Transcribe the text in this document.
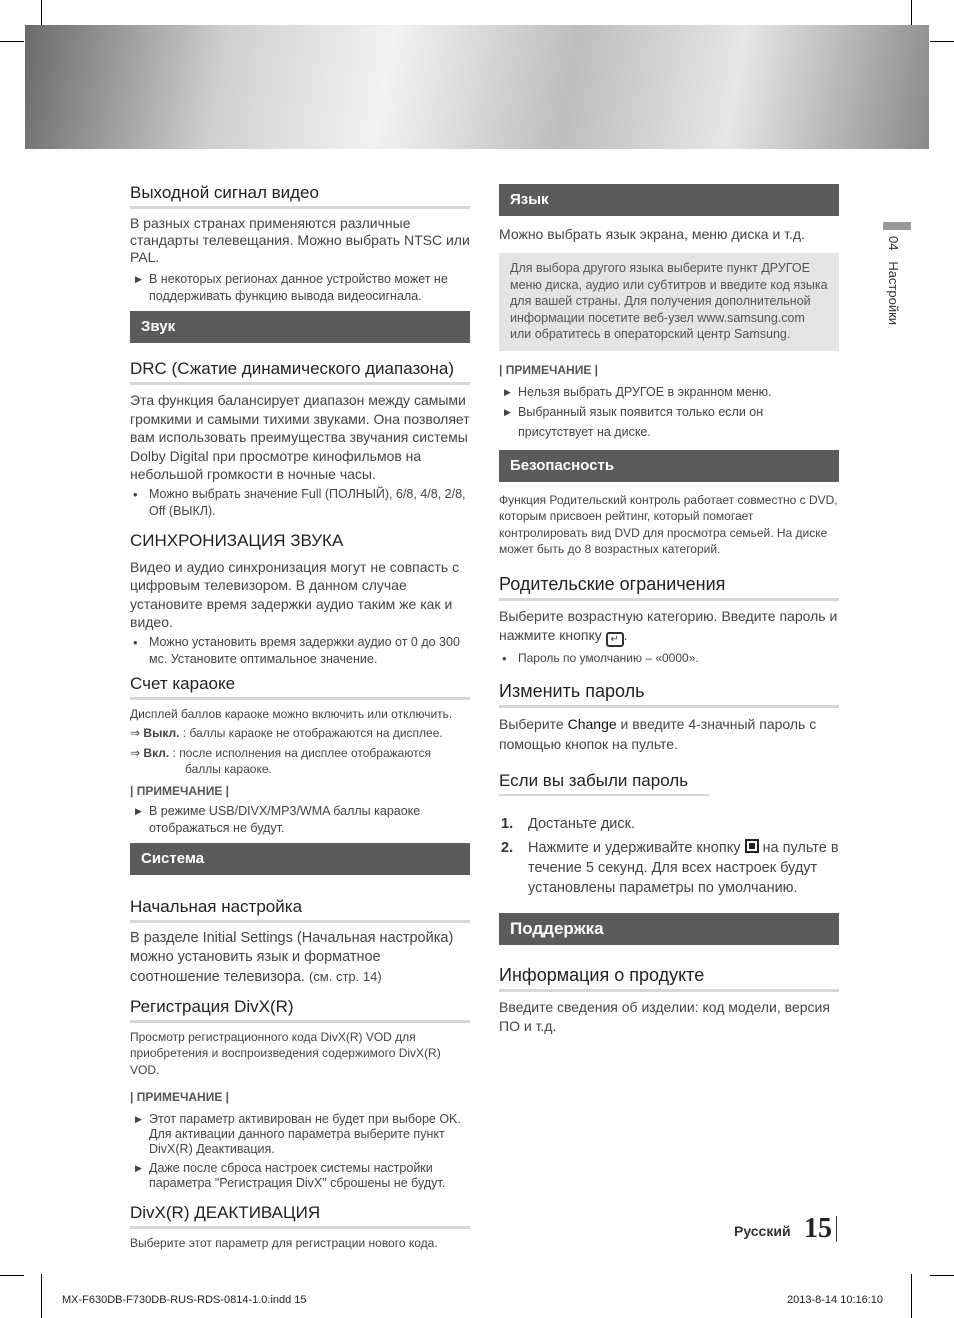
04   Настройки
Выходной сигнал видео
В разных странах применяются различные стандарты телевещания. Можно выбрать NTSC или PAL.
▶ В некоторых регионах данное устройство может не поддерживать функцию вывода видеосигнала.
Звук
DRC (Сжатие динамического диапазона)
Эта функция балансирует диапазон между самыми громкими и самыми тихими звуками. Она позволяет вам использовать преимущества звучания системы Dolby Digital при просмотре кинофильмов на небольшой громкости в ночные часы.
• Можно выбрать значение Full (ПОЛНЫЙ), 6/8, 4/8, 2/8, Off (ВЫКЛ).
СИНХРОНИЗАЦИЯ ЗВУКА
Видео и аудио синхронизация могут не совпасть с цифровым телевизором. В данном случае установите время задержки аудио таким же как и видео.
• Можно установить время задержки аудио от 0 до 300 мс. Установите оптимальное значение.
Счет караоке
Дисплей баллов караоке можно включить или отключить.
⇒ Выкл. : баллы караоке не отображаются на дисплее.
⇒ Вкл. : после исполнения на дисплее отображаются баллы караоке.
| ПРИМЕЧАНИЕ |
▶ В режиме USB/DIVX/MP3/WMA баллы караоке отображаться не будут.
Система
Начальная настройка
В разделе Initial Settings (Начальная настройка) можно установить язык и форматное соотношение телевизора. (см. стр. 14)
Регистрация DivX(R)
Просмотр регистрационного кода DivX(R) VOD для приобретения и воспроизведения содержимого DivX(R) VOD.
| ПРИМЕЧАНИЕ |
▶ Этот параметр активирован не будет при выборе OK. Для активации данного параметра выберите пункт DivX(R) Деактивация.
▶ Даже после сброса настроек системы настройки параметра "Регистрация DivX" сброшены не будут.
DivX(R) ДЕАКТИВАЦИЯ
Выберите этот параметр для регистрации нового кода.
Язык
Можно выбрать язык экрана, меню диска и т.д.
Для выбора другого языка выберите пункт ДРУГОЕ меню диска, аудио или субтитров и введите код языка для вашей страны. Для получения дополнительной информации посетите веб-узел www.samsung.com или обратитесь в операторский центр Samsung.
| ПРИМЕЧАНИЕ |
▶ Нельзя выбрать ДРУГОЕ в экранном меню.
▶ Выбранный язык появится только если он присутствует на диске.
Безопасность
Функция Родительский контроль работает совместно с DVD, которым присвоен рейтинг, который помогает контролировать вид DVD для просмотра семьей. На диске может быть до 8 возрастных категорий.
Родительские ограничения
Выберите возрастную категорию. Введите пароль и нажмите кнопку ↵ .
• Пароль по умолчанию – «0000».
Изменить пароль
Выберите Change и введите 4-значный пароль с помощью кнопок на пульте.
Если вы забыли пароль
1. Достаньте диск.
2. Нажмите и удерживайте кнопку на пульте в течение 5 секунд. Для всех настроек будут установлены параметры по умолчанию.
Поддержка
Информация о продукте
Введите сведения об изделии: код модели, версия ПО и т.д.
Русский 15
MX-F630DB-F730DB-RUS-RDS-0814-1.0.indd 15	2013-8-14 10:16:10
